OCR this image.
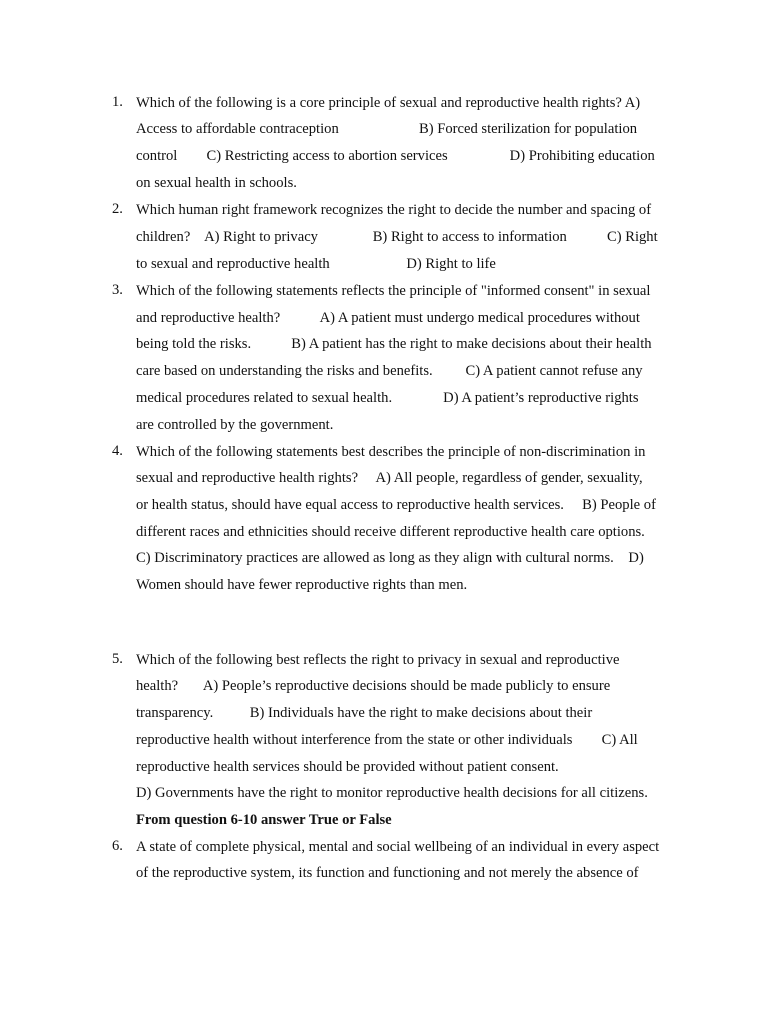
1. Which of the following is a core principle of sexual and reproductive health rights? A)
Access to affordable contraception                      B) Forced sterilization for population
control        C) Restricting access to abortion services                 D) Prohibiting education
on sexual health in schools.
2. Which human right framework recognizes the right to decide the number and spacing of
children?    A) Right to privacy               B) Right to access to information           C) Right
to sexual and reproductive health                     D) Right to life
3. Which of the following statements reflects the principle of "informed consent" in sexual
and reproductive health?           A) A patient must undergo medical procedures without
being told the risks.           B) A patient has the right to make decisions about their health
care based on understanding the risks and benefits.         C) A patient cannot refuse any
medical procedures related to sexual health.              D) A patient’s reproductive rights
are controlled by the government.
4. Which of the following statements best describes the principle of non-discrimination in
sexual and reproductive health rights?     A) All people, regardless of gender, sexuality,
or health status, should have equal access to reproductive health services.     B) People of
different races and ethnicities should receive different reproductive health care options.
C) Discriminatory practices are allowed as long as they align with cultural norms.    D)
Women should have fewer reproductive rights than men.
5. Which of the following best reflects the right to privacy in sexual and reproductive
health?       A) People’s reproductive decisions should be made publicly to ensure
transparency.          B) Individuals have the right to make decisions about their
reproductive health without interference from the state or other individuals        C) All
reproductive health services should be provided without patient consent.
D) Governments have the right to monitor reproductive health decisions for all citizens.
From question 6-10 answer True or False
6. A state of complete physical, mental and social wellbeing of an individual in every aspect
of the reproductive system, its function and functioning and not merely the absence of
